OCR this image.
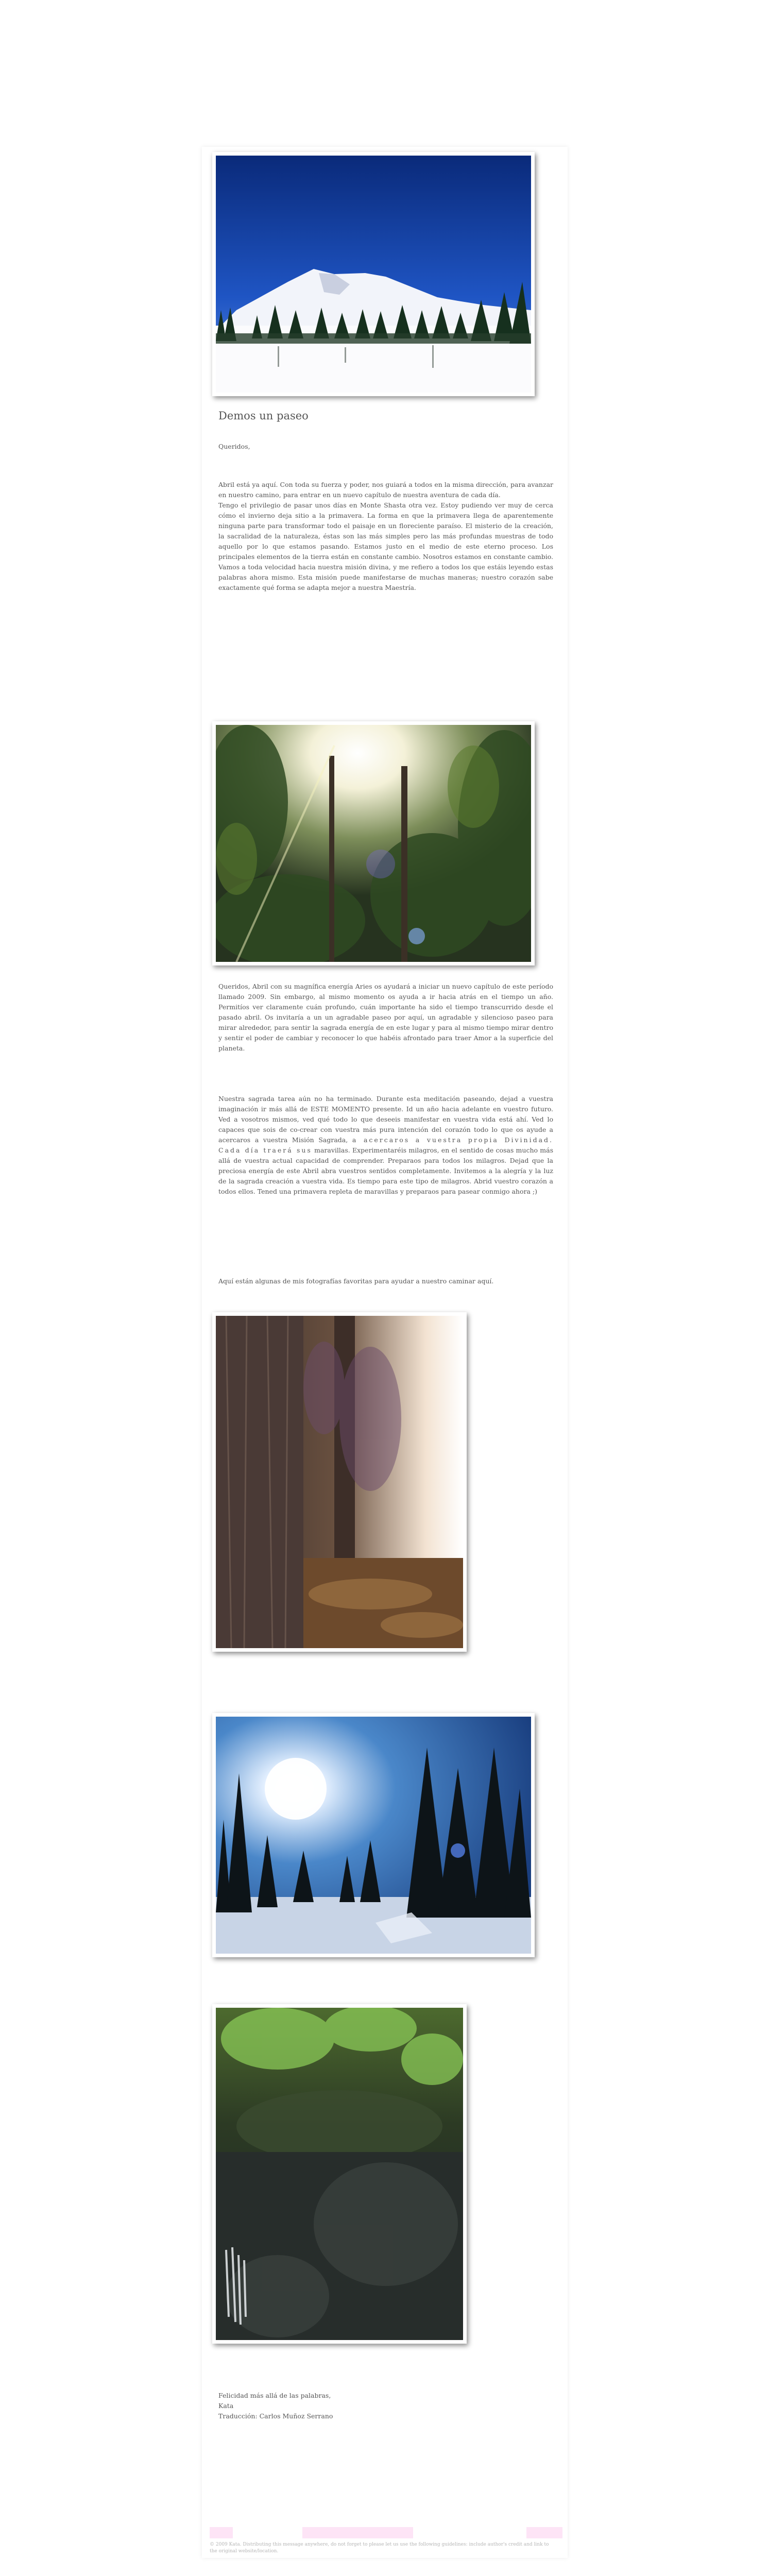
Demos un paseo

Queridos,

Abril está ya aquí. Con toda su fuerza y poder, nos guiará a todos en la misma dirección, para avanzar en nuestro camino, para entrar en un nuevo capítulo de nuestra aventura de cada día.

Tengo el privilegio de pasar unos días en Monte Shasta otra vez. Estoy pudiendo ver muy de cerca cómo el invierno deja sitio a la primavera. La forma en que la primavera llega de aparentemente ninguna parte para transformar todo el paisaje en un floreciente paraíso. El misterio de la creación, la sacralidad de la naturaleza, éstas son las más simples pero las más profundas muestras de todo aquello por lo que estamos pasando. Estamos justo en el medio de este eterno proceso. Los principales elementos de la tierra están en constante cambio. Nosotros estamos en constante cambio. Vamos a toda velocidad hacia nuestra misión divina, y me refiero a todos los que estáis leyendo estas palabras ahora mismo. Esta misión puede manifestarse de muchas maneras; nuestro corazón sabe exactamente qué forma se adapta mejor a nuestra Maestría.

Queridos, Abril con su magnífica energía Aries os ayudará a iniciar un nuevo capítulo de este período llamado 2009. Sin embargo, al mismo momento os ayuda a ir hacia atrás en el tiempo un año. Permitíos ver claramente cuán profundo, cuán importante ha sido el tiempo transcurrido desde el pasado abril. Os invitaría a un un agradable paseo por aquí, un agradable y silencioso paseo para mirar alrededor, para sentir la sagrada energía de en este lugar y para al mismo tiempo mirar dentro y sentir el poder de cambiar y reconocer lo que habéis afrontado para traer Amor a la superficie del planeta.

Nuestra sagrada tarea aún no ha terminado. Durante esta meditación paseando, dejad a vuestra imaginación ir más allá de ESTE MOMENTO presente. Id un año hacia adelante en vuestro futuro. Ved a vosotros mismos, ved qué todo lo que deseeis manifestar en vuestra vida está ahí. Ved lo capaces que sois de co-crear con vuestra más pura intención del corazón todo lo que os ayude a acercaros a vuestra Misión Sagrada, a acercaros a vuestra propia Divinidad. Cada día traerá sus maravillas. Experimentaréis milagros, en el sentido de cosas mucho más allá de vuestra actual capacidad de comprender. Preparaos para todos los milagros. Dejad que la preciosa energía de este Abril abra vuestros sentidos completamente. Invitemos a la alegría y la luz de la sagrada creación a vuestra vida. Es tiempo para este tipo de milagros. Abrid vuestro corazón a todos ellos. Tened una primavera repleta de maravillas y preparaos para pasear conmigo ahora ;)

Aquí están algunas de mis fotografías favoritas para ayudar a nuestro caminar aquí.

Felicidad más allá de las palabras,

Kata

Traducción: Carlos Muñoz Serrano

© 2009 Kata. Distributing this message anywhere, do not forget to please let us use the following guidelines: include author's credit and link to the original website/location.
